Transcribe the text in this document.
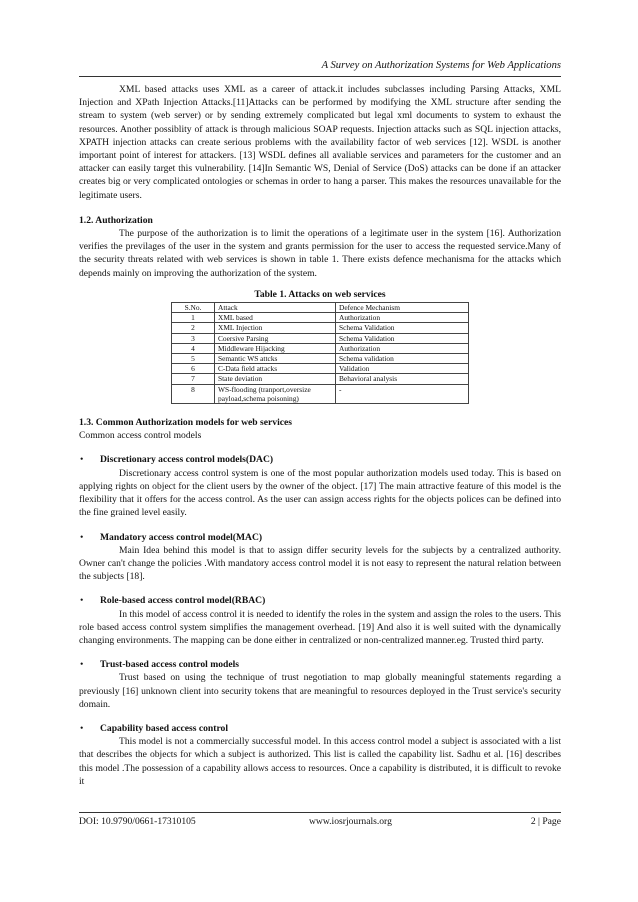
A Survey on Authorization Systems for Web Applications

XML based attacks uses XML as a career of attack.it includes subclasses including Parsing Attacks, XML Injection and XPath Injection Attacks.[11]Attacks can be performed by modifying the XML structure after sending the stream to system (web server) or by sending extremely complicated but legal xml documents to system to exhaust the resources. Another possiblity of attack is through malicious SOAP requests. Injection attacks such as SQL injection attacks, XPATH injection attacks can create serious problems with the availability factor of web services [12]. WSDL is another important point of interest for attackers. [13] WSDL defines all avaliable services and parameters for the customer and an attacker can easily target this vulnerability. [14]In Semantic WS, Denial of Service (DoS) attacks can be done if an attacker creates big or very complicated ontologies or schemas in order to hang a parser. This makes the resources unavailable for the legitimate users.

1.2. Authorization

The purpose of the authorization is to limit the operations of a legitimate user in the system [16]. Authorization verifies the previlages of the user in the system and grants permission for the user to access the requested service.Many of the security threats related with web services is shown in table 1. There exists defence mechanisma for the attacks which depends mainly on improving the authorization of the system.

Table 1. Attacks on web services

S.No.	Attack	Defence Mechanism
1	XML based	Authorization
2	XML Injection	Schema Validation
3	Coersive Parsing	Schema Validation
4	Middleware Hijacking	Authorization
5	Semantic WS attcks	Schema validation
6	C-Data field attacks	Validation
7	State deviation	Behavioral analysis
8	WS-flooding (tranport,oversize payload,schema poisoning)	-

1.3. Common Authorization models for web services

Common access control models

•	Discretionary access control models(DAC)

Discretionary access control system is one of the most popular authorization models used today. This is based on applying rights on object for the client users by the owner of the object. [17] The main attractive feature of this model is the flexibility that it offers for the access control. As the user can assign access rights for the objects polices can be defined into the fine grained level easily.

•	Mandatory access control model(MAC)

Main Idea behind this model is that to assign differ security levels for the subjects by a centralized authority. Owner can't change the policies .With mandatory access control model it is not easy to represent the natural relation between the subjects [18].

•	Role-based access control model(RBAC)

In this model of access control it is needed to identify the roles in the system and assign the roles to the users. This role based access control system simplifies the management overhead. [19] And also it is well suited with the dynamically changing environments. The mapping can be done either in centralized or non-centralized manner.eg. Trusted third party.

•	Trust-based access control models

Trust based on using the technique of trust negotiation to map globally meaningful statements regarding a previously [16] unknown client into security tokens that are meaningful to resources deployed in the Trust service's security domain.

•	Capability based access control

This model is not a commercially successful model. In this access control model a subject is associated with a list that describes the objects for which a subject is authorized. This list is called the capability list. Sadhu et al. [16] describes this model .The possession of a capability allows access to resources. Once a capability is distributed, it is difficult to revoke it

DOI: 10.9790/0661-17310105	www.iosrjournals.org	2 | Page
